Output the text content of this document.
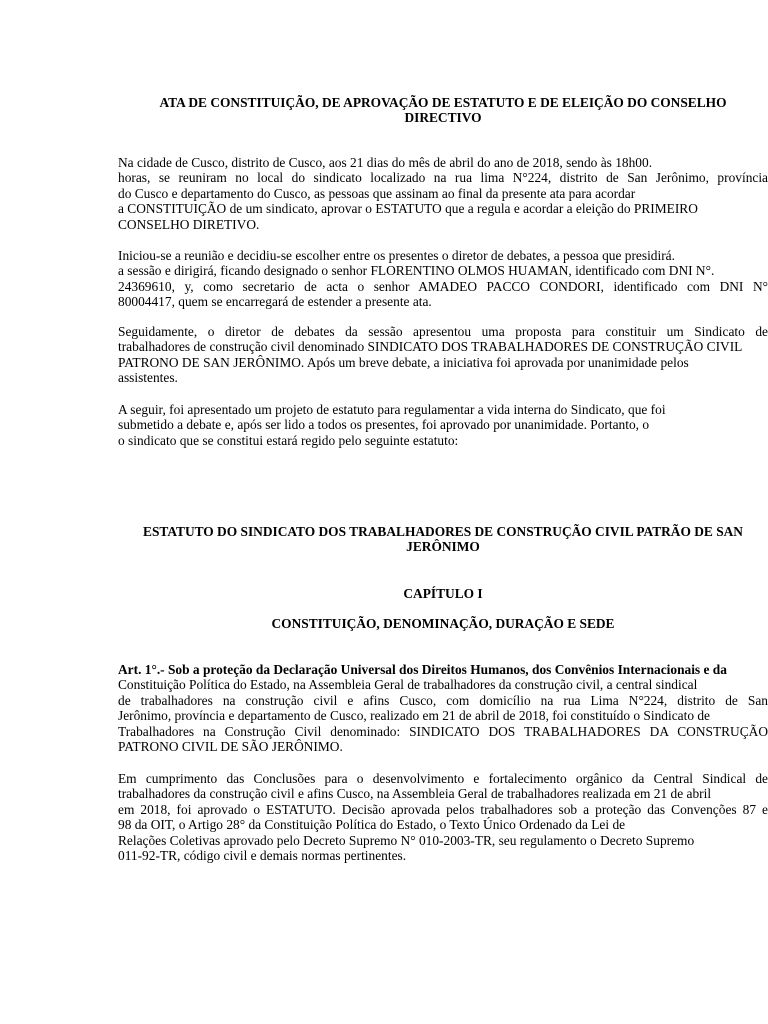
ATA DE CONSTITUIÇÃO, DE APROVAÇÃO DE ESTATUTO E DE ELEIÇÃO DO CONSELHO
DIRECTIVO
Na cidade de Cusco, distrito de Cusco, aos 21 dias do mês de abril do ano de 2018, sendo às 18h00.
horas, se reuniram no local do sindicato localizado na rua lima N°224, distrito de San Jerônimo, província
do Cusco e departamento do Cusco, as pessoas que assinam ao final da presente ata para acordar
a CONSTITUIÇÃO de um sindicato, aprovar o ESTATUTO que a regula e acordar a eleição do PRIMEIRO
CONSELHO DIRETIVO.
Iniciou-se a reunião e decidiu-se escolher entre os presentes o diretor de debates, a pessoa que presidirá.
a sessão e dirigirá, ficando designado o senhor FLORENTINO OLMOS HUAMAN, identificado com DNI N°.
24369610, y, como secretario de acta o senhor AMADEO PACCO CONDORI, identificado com DNI N°
80004417, quem se encarregará de estender a presente ata.
Seguidamente, o diretor de debates da sessão apresentou uma proposta para constituir um Sindicato de
trabalhadores de construção civil denominado SINDICATO DOS TRABALHADORES DE CONSTRUÇÃO CIVIL
PATRONO DE SAN JERÔNIMO. Após um breve debate, a iniciativa foi aprovada por unanimidade pelos
assistentes.
A seguir, foi apresentado um projeto de estatuto para regulamentar a vida interna do Sindicato, que foi
submetido a debate e, após ser lido a todos os presentes, foi aprovado por unanimidade. Portanto, o
o sindicato que se constitui estará regido pelo seguinte estatuto:
ESTATUTO DO SINDICATO DOS TRABALHADORES DE CONSTRUÇÃO CIVIL PATRÃO DE SAN
JERÔNIMO
CAPÍTULO I
CONSTITUIÇÃO, DENOMINAÇÃO, DURAÇÃO E SEDE
Art. 1°.- Sob a proteção da Declaração Universal dos Direitos Humanos, dos Convênios Internacionais e da
Constituição Política do Estado, na Assembleia Geral de trabalhadores da construção civil, a central sindical
de trabalhadores na construção civil e afins Cusco, com domicílio na rua Lima N°224, distrito de San
Jerônimo, província e departamento de Cusco, realizado em 21 de abril de 2018, foi constituído o Sindicato de
Trabalhadores na Construção Civil denominado: SINDICATO DOS TRABALHADORES DA CONSTRUÇÃO
PATRONO CIVIL DE SÃO JERÔNIMO.
Em cumprimento das Conclusões para o desenvolvimento e fortalecimento orgânico da Central Sindical de
trabalhadores da construção civil e afins Cusco, na Assembleia Geral de trabalhadores realizada em 21 de abril
em 2018, foi aprovado o ESTATUTO. Decisão aprovada pelos trabalhadores sob a proteção das Convenções 87 e
98 da OIT, o Artigo 28° da Constituição Política do Estado, o Texto Único Ordenado da Lei de
Relações Coletivas aprovado pelo Decreto Supremo N° 010-2003-TR, seu regulamento o Decreto Supremo
011-92-TR, código civil e demais normas pertinentes.
